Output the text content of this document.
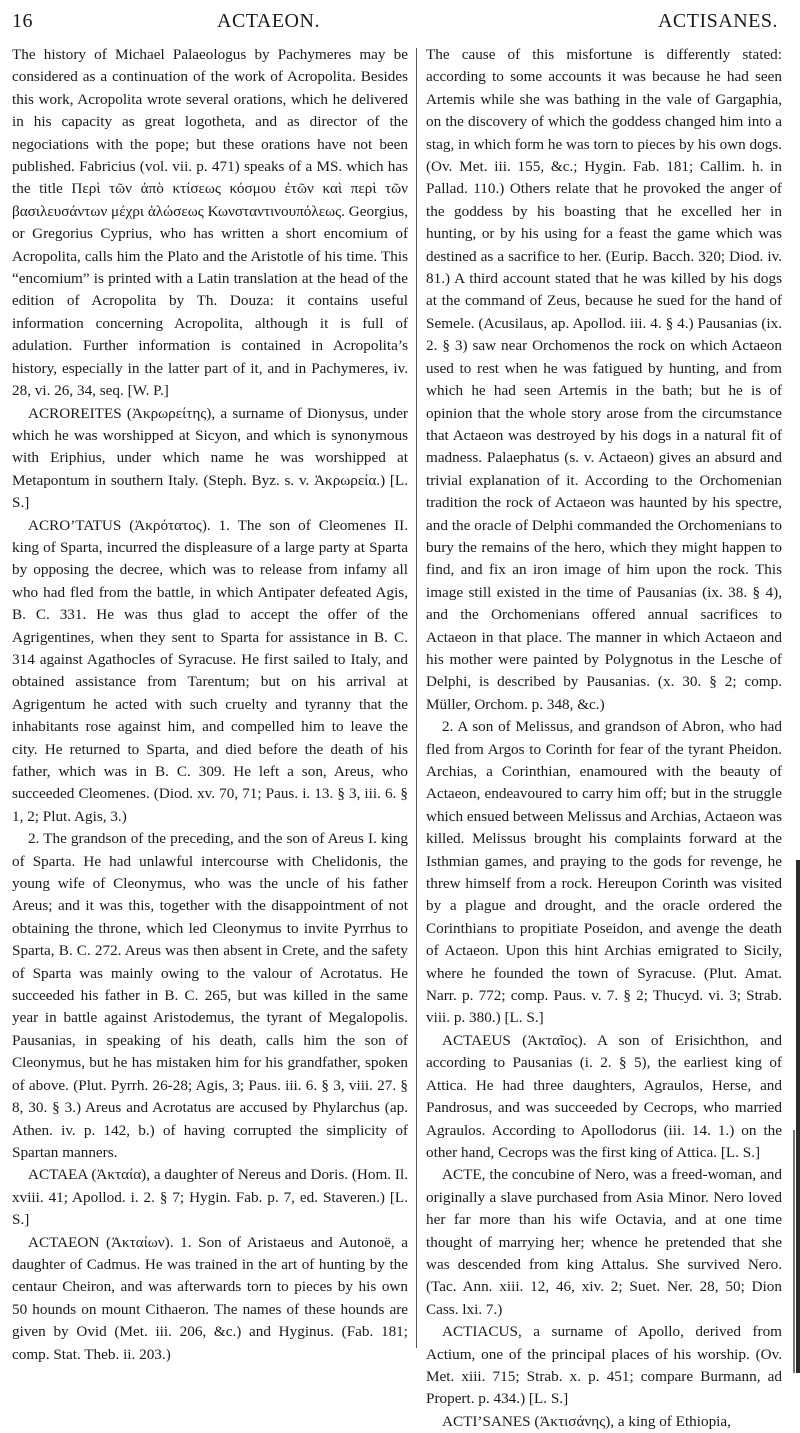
16	ACTAEON.	ACTISANES.

The history of Michael Palaeologus by Pachymeres may be considered as a continuation of the work of Acropolita. Besides this work, Acropolita wrote several orations, which he delivered in his capacity as great logotheta, and as director of the negociations with the pope; but these orations have not been published. Fabricius (vol. vii. p. 471) speaks of a MS. which has the title Περὶ τῶν ἀπὸ κτίσεως κόσμου ἐτῶν καὶ περὶ τῶν βασιλευσάντων μέχρι ἁλώσεως Κωνσταντινουπόλεως. Georgius, or Gregorius Cyprius, who has written a short encomium of Acropolita, calls him the Plato and the Aristotle of his time. This “encomium” is printed with a Latin translation at the head of the edition of Acropolita by Th. Douza: it contains useful information concerning Acropolita, although it is full of adulation. Further information is contained in Acropolita’s history, especially in the latter part of it, and in Pachymeres, iv. 28, vi. 26, 34, seq. [W. P.]

ACROREITES (Ἀκρωρείτης), a surname of Dionysus, under which he was worshipped at Sicyon, and which is synonymous with Eriphius, under which name he was worshipped at Metapontum in southern Italy. (Steph. Byz. s. v. Ἀκρωρεία.) [L. S.]

ACRO’TATUS (Ἀκρότατος). 1. The son of Cleomenes II. king of Sparta, incurred the displeasure of a large party at Sparta by opposing the decree, which was to release from infamy all who had fled from the battle, in which Antipater defeated Agis, B. C. 331. He was thus glad to accept the offer of the Agrigentines, when they sent to Sparta for assistance in B. C. 314 against Agathocles of Syracuse. He first sailed to Italy, and obtained assistance from Tarentum; but on his arrival at Agrigentum he acted with such cruelty and tyranny that the inhabitants rose against him, and compelled him to leave the city. He returned to Sparta, and died before the death of his father, which was in B. C. 309. He left a son, Areus, who succeeded Cleomenes. (Diod. xv. 70, 71; Paus. i. 13. § 3, iii. 6. § 1, 2; Plut. Agis, 3.)

2. The grandson of the preceding, and the son of Areus I. king of Sparta. He had unlawful intercourse with Chelidonis, the young wife of Cleonymus, who was the uncle of his father Areus; and it was this, together with the disappointment of not obtaining the throne, which led Cleonymus to invite Pyrrhus to Sparta, B. C. 272. Areus was then absent in Crete, and the safety of Sparta was mainly owing to the valour of Acrotatus. He succeeded his father in B. C. 265, but was killed in the same year in battle against Aristodemus, the tyrant of Megalopolis. Pausanias, in speaking of his death, calls him the son of Cleonymus, but he has mistaken him for his grandfather, spoken of above. (Plut. Pyrrh. 26-28; Agis, 3; Paus. iii. 6. § 3, viii. 27. § 8, 30. § 3.) Areus and Acrotatus are accused by Phylarchus (ap. Athen. iv. p. 142, b.) of having corrupted the simplicity of Spartan manners.

ACTAEA (Ἀκταία), a daughter of Nereus and Doris. (Hom. Il. xviii. 41; Apollod. i. 2. § 7; Hygin. Fab. p. 7, ed. Staveren.) [L. S.]

ACTAEON (Ἀκταίων). 1. Son of Aristaeus and Autonoë, a daughter of Cadmus. He was trained in the art of hunting by the centaur Cheiron, and was afterwards torn to pieces by his own 50 hounds on mount Cithaeron. The names of these hounds are given by Ovid (Met. iii. 206, &c.) and Hyginus. (Fab. 181; comp. Stat. Theb. ii. 203.)

The cause of this misfortune is differently stated: according to some accounts it was because he had seen Artemis while she was bathing in the vale of Gargaphia, on the discovery of which the goddess changed him into a stag, in which form he was torn to pieces by his own dogs. (Ov. Met. iii. 155, &c.; Hygin. Fab. 181; Callim. h. in Pallad. 110.) Others relate that he provoked the anger of the goddess by his boasting that he excelled her in hunting, or by his using for a feast the game which was destined as a sacrifice to her. (Eurip. Bacch. 320; Diod. iv. 81.) A third account stated that he was killed by his dogs at the command of Zeus, because he sued for the hand of Semele. (Acusilaus, ap. Apollod. iii. 4. § 4.) Pausanias (ix. 2. § 3) saw near Orchomenos the rock on which Actaeon used to rest when he was fatigued by hunting, and from which he had seen Artemis in the bath; but he is of opinion that the whole story arose from the circumstance that Actaeon was destroyed by his dogs in a natural fit of madness. Palaephatus (s. v. Actaeon) gives an absurd and trivial explanation of it. According to the Orchomenian tradition the rock of Actaeon was haunted by his spectre, and the oracle of Delphi commanded the Orchomenians to bury the remains of the hero, which they might happen to find, and fix an iron image of him upon the rock. This image still existed in the time of Pausanias (ix. 38. § 4), and the Orchomenians offered annual sacrifices to Actaeon in that place. The manner in which Actaeon and his mother were painted by Polygnotus in the Lesche of Delphi, is described by Pausanias. (x. 30. § 2; comp. Müller, Orchom. p. 348, &c.)

2. A son of Melissus, and grandson of Abron, who had fled from Argos to Corinth for fear of the tyrant Pheidon. Archias, a Corinthian, enamoured with the beauty of Actaeon, endeavoured to carry him off; but in the struggle which ensued between Melissus and Archias, Actaeon was killed. Melissus brought his complaints forward at the Isthmian games, and praying to the gods for revenge, he threw himself from a rock. Hereupon Corinth was visited by a plague and drought, and the oracle ordered the Corinthians to propitiate Poseidon, and avenge the death of Actaeon. Upon this hint Archias emigrated to Sicily, where he founded the town of Syracuse. (Plut. Amat. Narr. p. 772; comp. Paus. v. 7. § 2; Thucyd. vi. 3; Strab. viii. p. 380.) [L. S.]

ACTAEUS (Ἀκταῖος). A son of Erisichthon, and according to Pausanias (i. 2. § 5), the earliest king of Attica. He had three daughters, Agraulos, Herse, and Pandrosus, and was succeeded by Cecrops, who married Agraulos. According to Apollodorus (iii. 14. 1.) on the other hand, Cecrops was the first king of Attica. [L. S.]

ACTE, the concubine of Nero, was a freed-woman, and originally a slave purchased from Asia Minor. Nero loved her far more than his wife Octavia, and at one time thought of marrying her; whence he pretended that she was descended from king Attalus. She survived Nero. (Tac. Ann. xiii. 12, 46, xiv. 2; Suet. Ner. 28, 50; Dion Cass. lxi. 7.)

ACTIACUS, a surname of Apollo, derived from Actium, one of the principal places of his worship. (Ov. Met. xiii. 715; Strab. x. p. 451; compare Burmann, ad Propert. p. 434.) [L. S.]

ACTI’SANES (Ἀκτισάνης), a king of Ethiopia,
